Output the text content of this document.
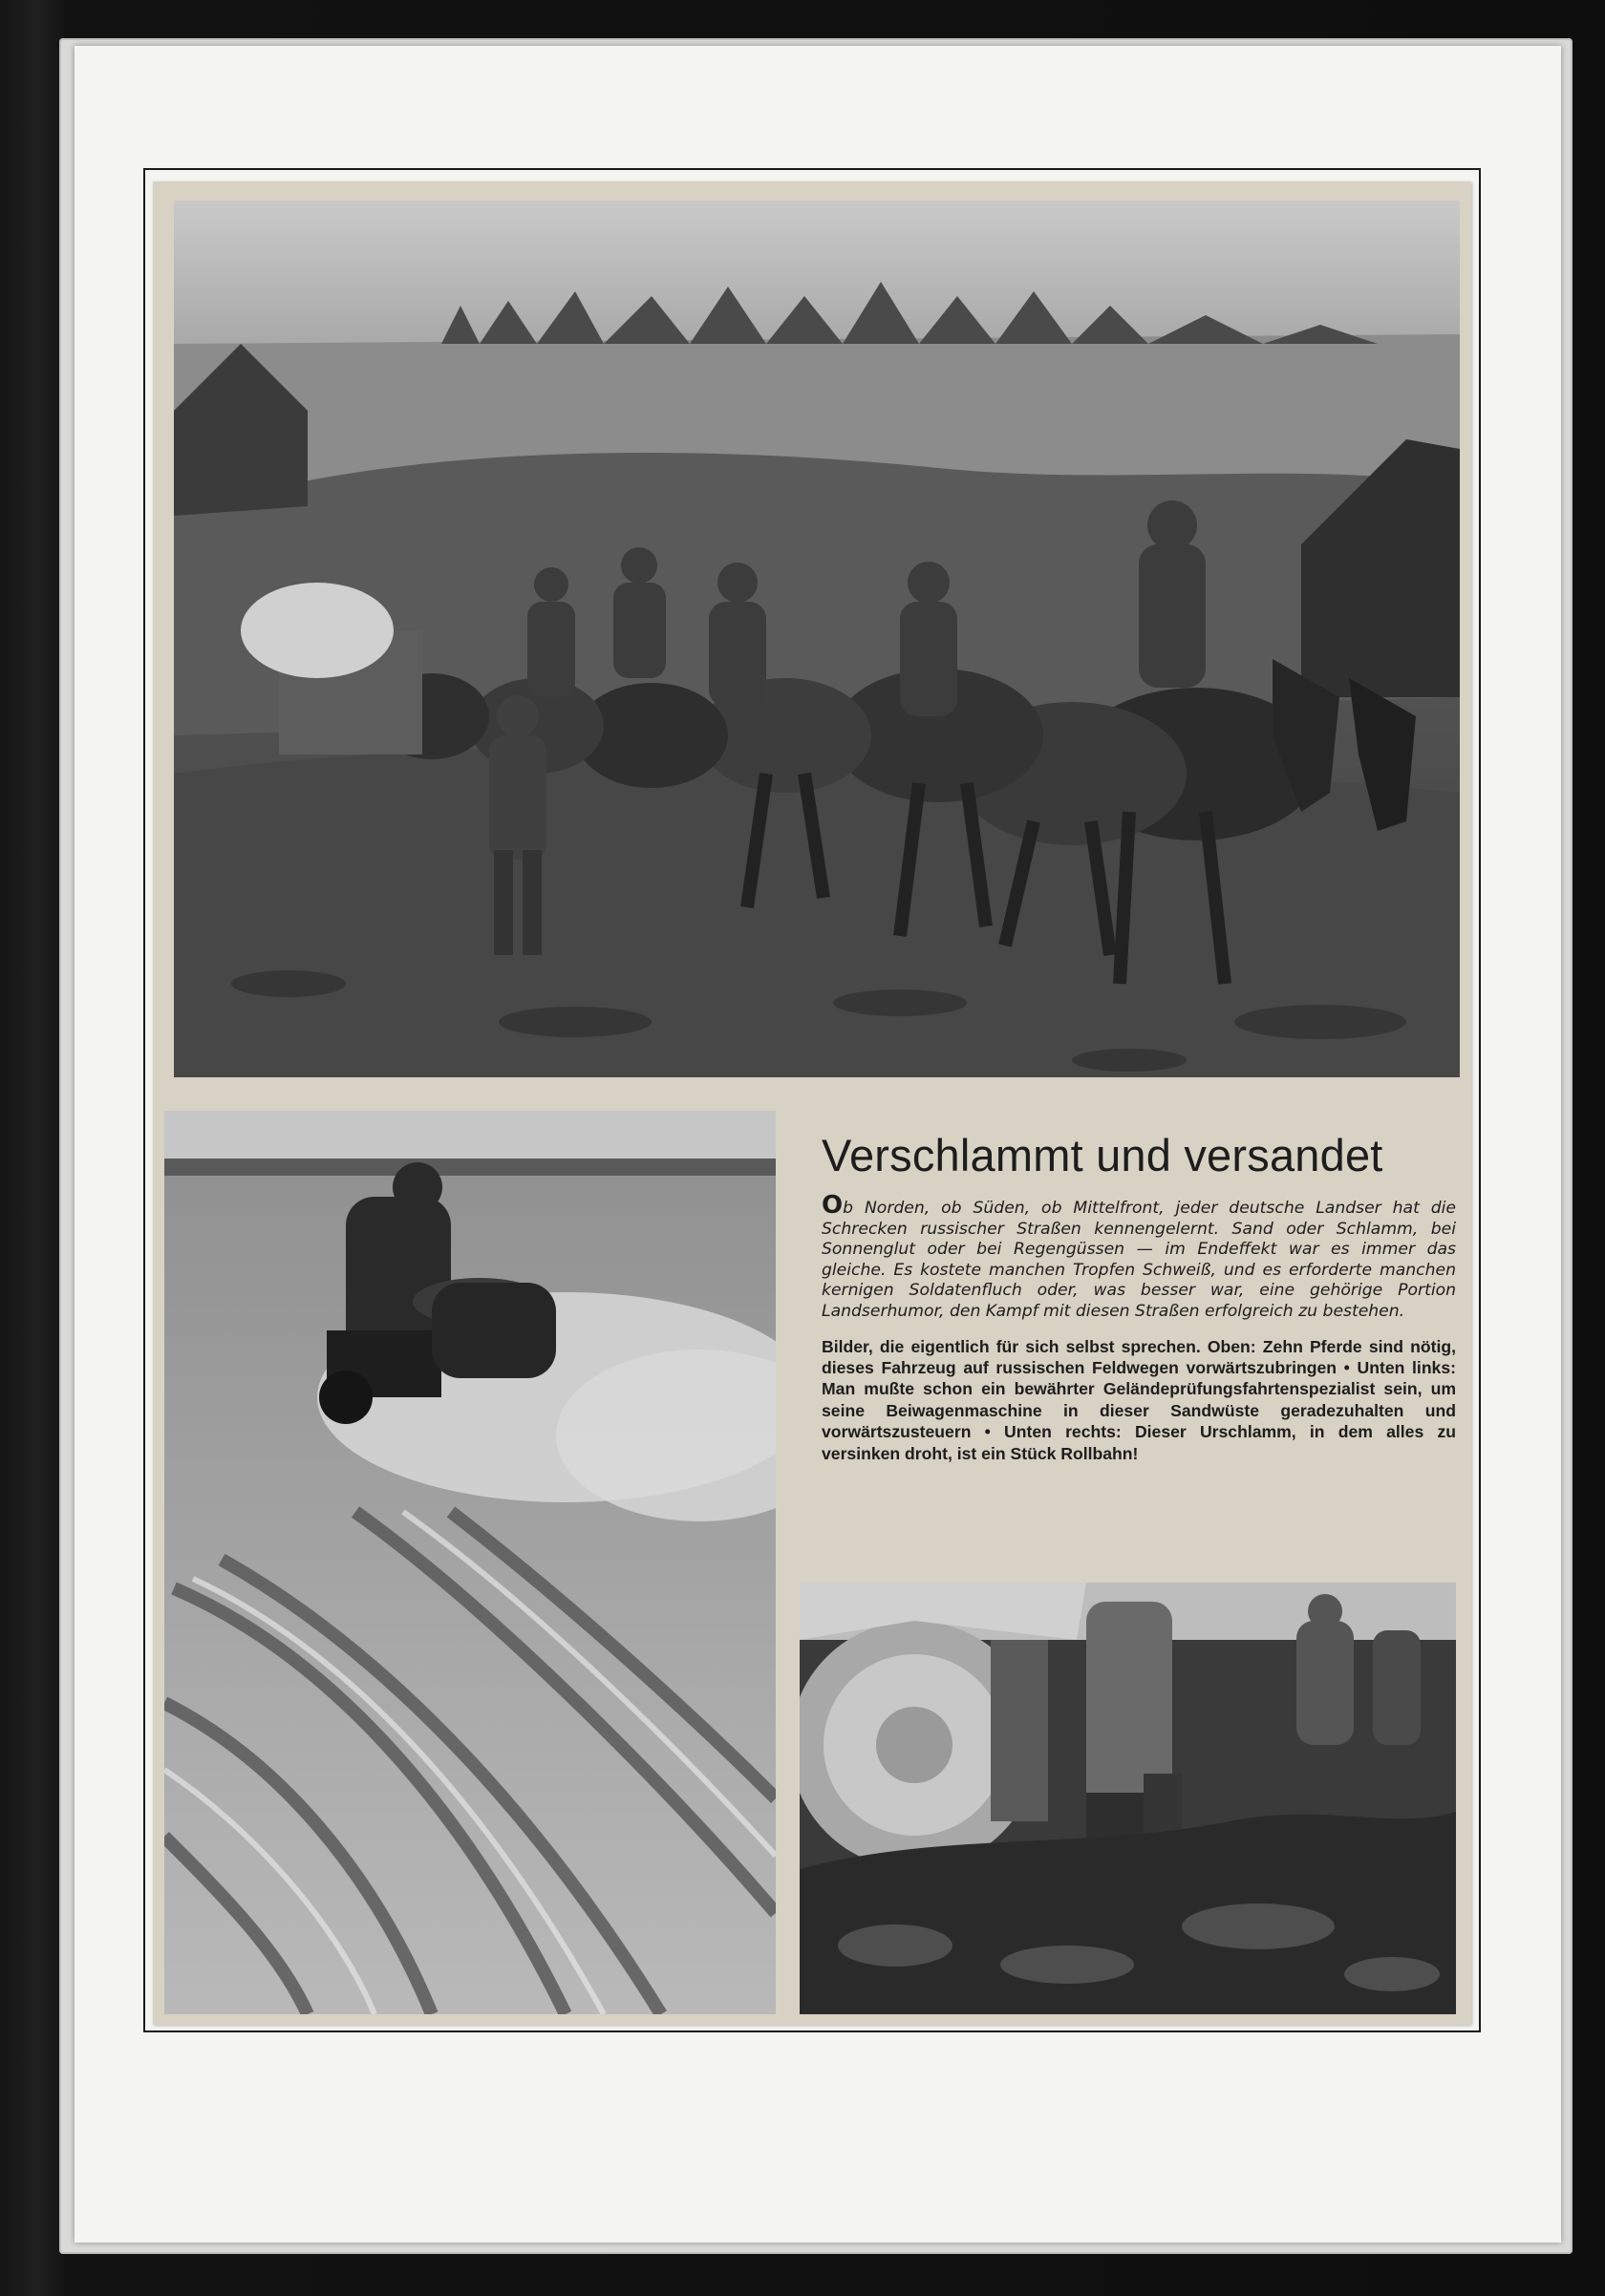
Verschlammt und versandet

Ob Norden, ob Süden, ob Mittelfront, jeder deutsche Landser hat die Schrecken russischer Straßen kennengelernt. Sand oder Schlamm, bei Sonnenglut oder bei Regengüssen — im Endeffekt war es immer das gleiche. Es kostete manchen Tropfen Schweiß, und es erforderte manchen kernigen Soldatenfluch oder, was besser war, eine gehörige Portion Landserhumor, den Kampf mit diesen Straßen erfolgreich zu bestehen.

Bilder, die eigentlich für sich selbst sprechen. Oben: Zehn Pferde sind nötig, dieses Fahrzeug auf russischen Feldwegen vorwärtszubringen • Unten links: Man mußte schon ein bewährter Geländeprüfungsfahrtenspezialist sein, um seine Beiwagenmaschine in dieser Sandwüste geradezuhalten und vorwärtszusteuern • Unten rechts: Dieser Urschlamm, in dem alles zu versinken droht, ist ein Stück Rollbahn!
